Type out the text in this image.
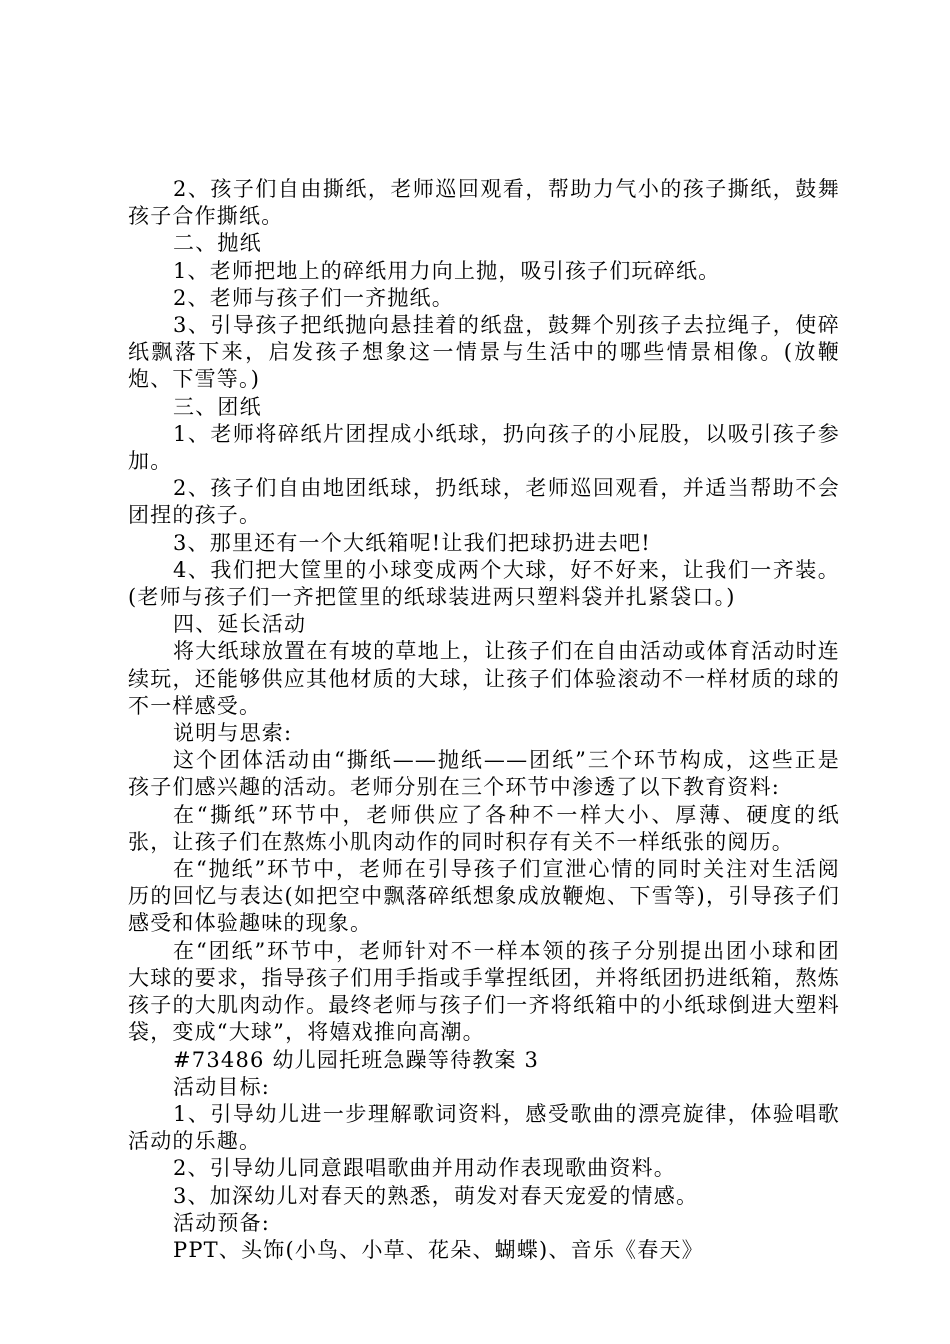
2、孩子们自由撕纸，老师巡回观看，帮助力气小的孩子撕纸，鼓舞孩子合作撕纸。

二、抛纸

1、老师把地上的碎纸用力向上抛，吸引孩子们玩碎纸。

2、老师与孩子们一齐抛纸。

3、引导孩子把纸抛向悬挂着的纸盘，鼓舞个别孩子去拉绳子，使碎纸飘落下来，启发孩子想象这一情景与生活中的哪些情景相像。(放鞭炮、下雪等。)

三、团纸

1、老师将碎纸片团捏成小纸球，扔向孩子的小屁股，以吸引孩子参加。

2、孩子们自由地团纸球，扔纸球，老师巡回观看，并适当帮助不会团捏的孩子。

3、那里还有一个大纸箱呢!让我们把球扔进去吧!

4、我们把大筐里的小球变成两个大球，好不好来，让我们一齐装。(老师与孩子们一齐把筐里的纸球装进两只塑料袋并扎紧袋口。)

四、延长活动

将大纸球放置在有坡的草地上，让孩子们在自由活动或体育活动时连续玩，还能够供应其他材质的大球，让孩子们体验滚动不一样材质的球的不一样感受。

说明与思索:

这个团体活动由“撕纸——抛纸——团纸”三个环节构成，这些正是孩子们感兴趣的活动。老师分别在三个环节中渗透了以下教育资料:

在“撕纸”环节中，老师供应了各种不一样大小、厚薄、硬度的纸张，让孩子们在熬炼小肌肉动作的同时积存有关不一样纸张的阅历。

在“抛纸”环节中，老师在引导孩子们宣泄心情的同时关注对生活阅历的回忆与表达(如把空中飘落碎纸想象成放鞭炮、下雪等)，引导孩子们感受和体验趣味的现象。

在“团纸”环节中，老师针对不一样本领的孩子分别提出团小球和团大球的要求，指导孩子们用手指或手掌捏纸团，并将纸团扔进纸箱，熬炼孩子的大肌肉动作。最终老师与孩子们一齐将纸箱中的小纸球倒进大塑料袋，变成“大球”，将嬉戏推向高潮。

#73486 幼儿园托班急躁等待教案 3

活动目标:

1、引导幼儿进一步理解歌词资料，感受歌曲的漂亮旋律，体验唱歌活动的乐趣。

2、引导幼儿同意跟唱歌曲并用动作表现歌曲资料。

3、加深幼儿对春天的熟悉，萌发对春天宠爱的情感。

活动预备:

PPT、头饰(小鸟、小草、花朵、蝴蝶)、音乐《春天》
